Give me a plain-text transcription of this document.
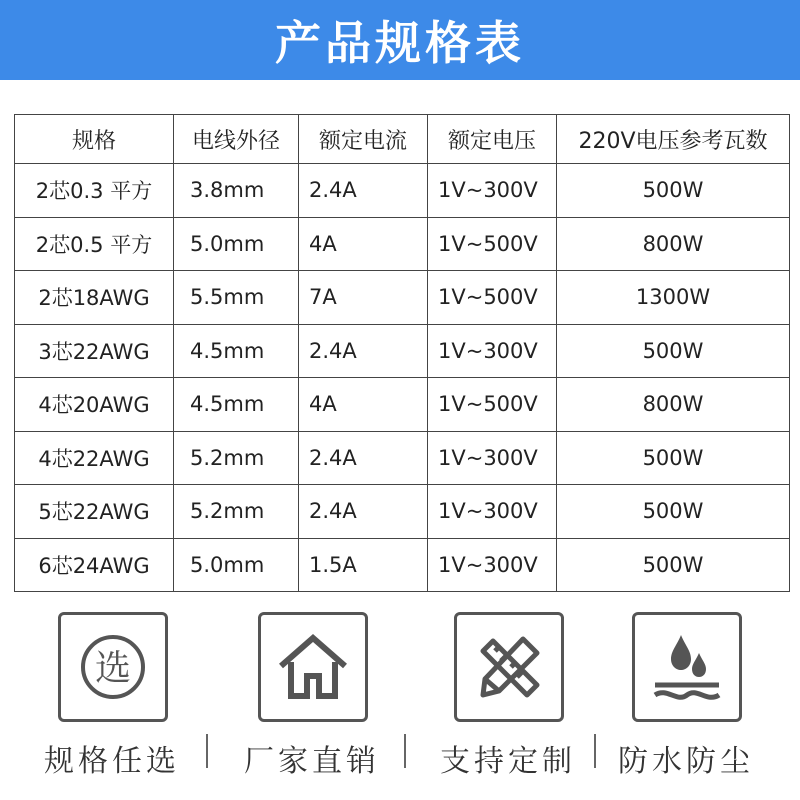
产品规格表
规格	电线外径	额定电流	额定电压	220V电压参考瓦数
2芯0.3 平方	3.8mm	2.4A	1V~300V	500W
2芯0.5 平方	5.0mm	4A	1V~500V	800W
2芯18AWG	5.5mm	7A	1V~500V	1300W
3芯22AWG	4.5mm	2.4A	1V~300V	500W
4芯20AWG	4.5mm	4A	1V~500V	800W
4芯22AWG	5.2mm	2.4A	1V~300V	500W
5芯22AWG	5.2mm	2.4A	1V~300V	500W
6芯24AWG	5.0mm	1.5A	1V~300V	500W
选
规格任选	厂家直销	支持定制	防水防尘
